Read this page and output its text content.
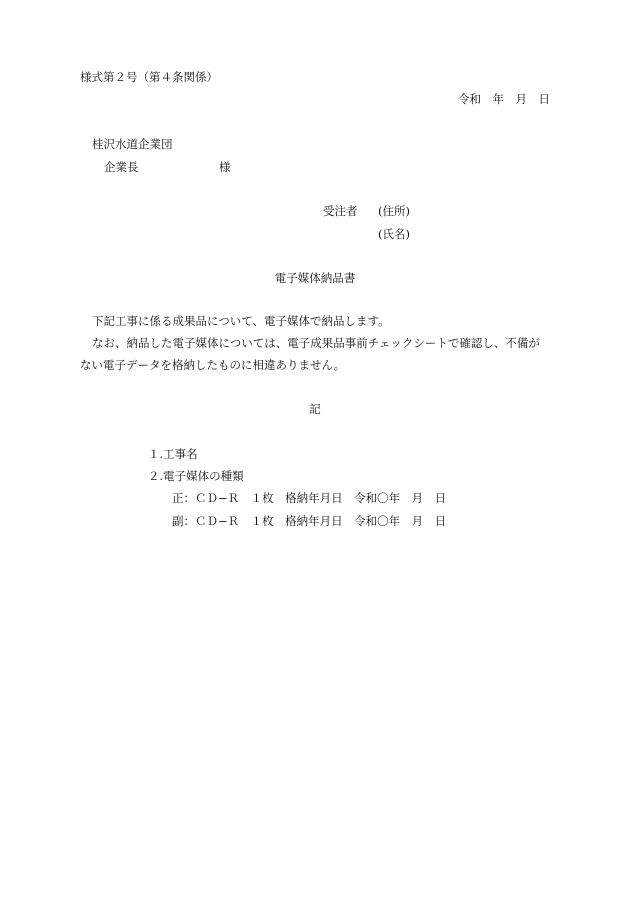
様式第２号（第４条関係）
令和　年　月　日
桂沢水道企業団
企業長　　　　　　　様
受注者 (住所)
(氏名)
電子媒体納品書
下記工事に係る成果品について、電子媒体で納品します。
なお、納品した電子媒体については、電子成果品事前チェックシートで確認し、不備が
ない電子データを格納したものに相違ありません。
記
１.工事名
２.電子媒体の種類
正：ＣＤ−Ｒ　１枚　格納年月日　令和〇年　月　日
副：ＣＤ−Ｒ　１枚　格納年月日　令和〇年　月　日
